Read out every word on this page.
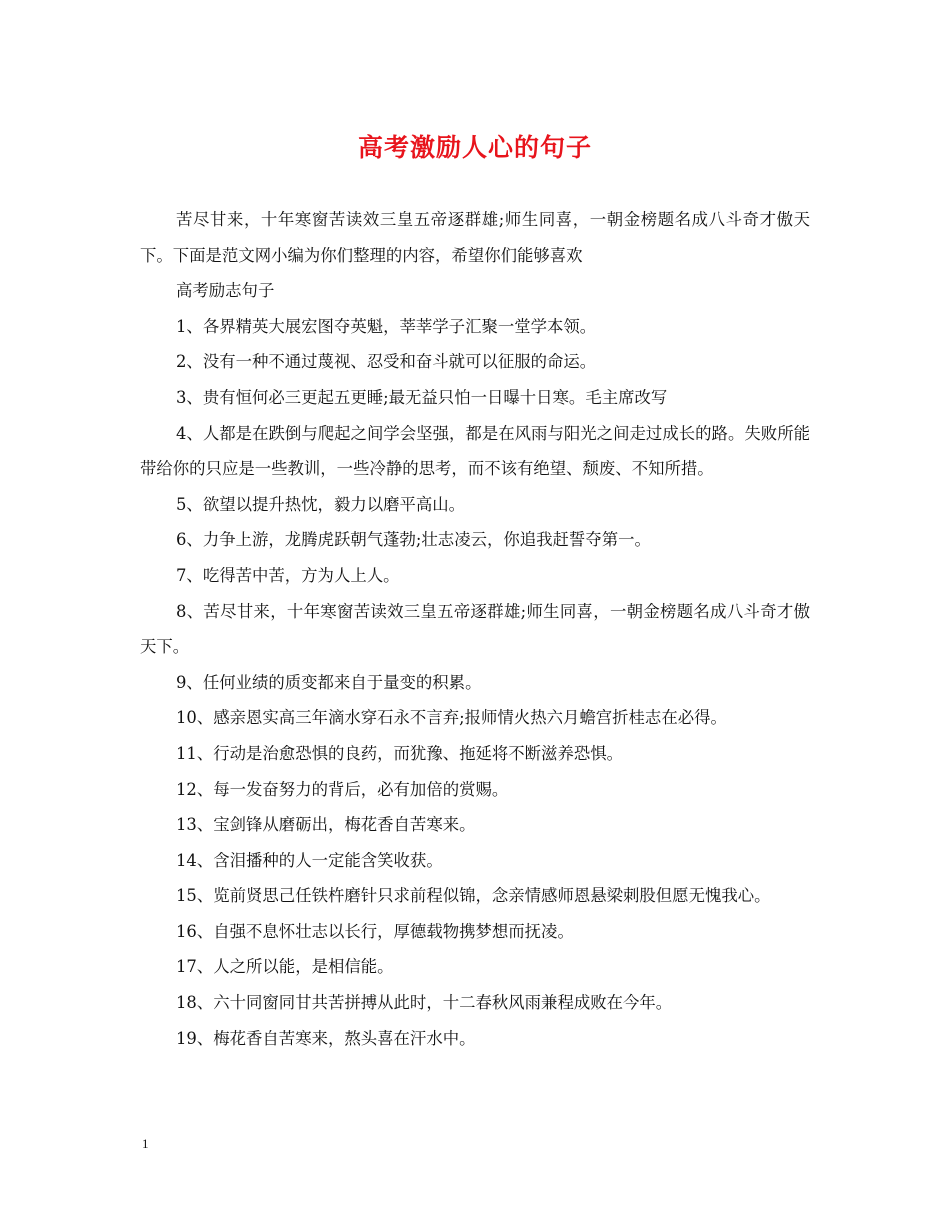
高考激励人心的句子

苦尽甘来，十年寒窗苦读效三皇五帝逐群雄;师生同喜，一朝金榜题名成八斗奇才傲天下。下面是范文网小编为你们整理的内容，希望你们能够喜欢

高考励志句子

1、各界精英大展宏图夺英魁，莘莘学子汇聚一堂学本领。

2、没有一种不通过蔑视、忍受和奋斗就可以征服的命运。

3、贵有恒何必三更起五更睡;最无益只怕一日曝十日寒。毛主席改写

4、人都是在跌倒与爬起之间学会坚强，都是在风雨与阳光之间走过成长的路。失败所能带给你的只应是一些教训，一些冷静的思考，而不该有绝望、颓废、不知所措。

5、欲望以提升热忱，毅力以磨平高山。

6、力争上游，龙腾虎跃朝气蓬勃;壮志凌云，你追我赶誓夺第一。

7、吃得苦中苦，方为人上人。

8、苦尽甘来，十年寒窗苦读效三皇五帝逐群雄;师生同喜，一朝金榜题名成八斗奇才傲天下。

9、任何业绩的质变都来自于量变的积累。

10、感亲恩实高三年滴水穿石永不言弃;报师情火热六月蟾宫折桂志在必得。

11、行动是治愈恐惧的良药，而犹豫、拖延将不断滋养恐惧。

12、每一发奋努力的背后，必有加倍的赏赐。

13、宝剑锋从磨砺出，梅花香自苦寒来。

14、含泪播种的人一定能含笑收获。

15、览前贤思己任铁杵磨针只求前程似锦，念亲情感师恩悬梁刺股但愿无愧我心。

16、自强不息怀壮志以长行，厚德载物携梦想而抚凌。

17、人之所以能，是相信能。

18、六十同窗同甘共苦拼搏从此时，十二春秋风雨兼程成败在今年。

19、梅花香自苦寒来，熬头喜在汗水中。

1
